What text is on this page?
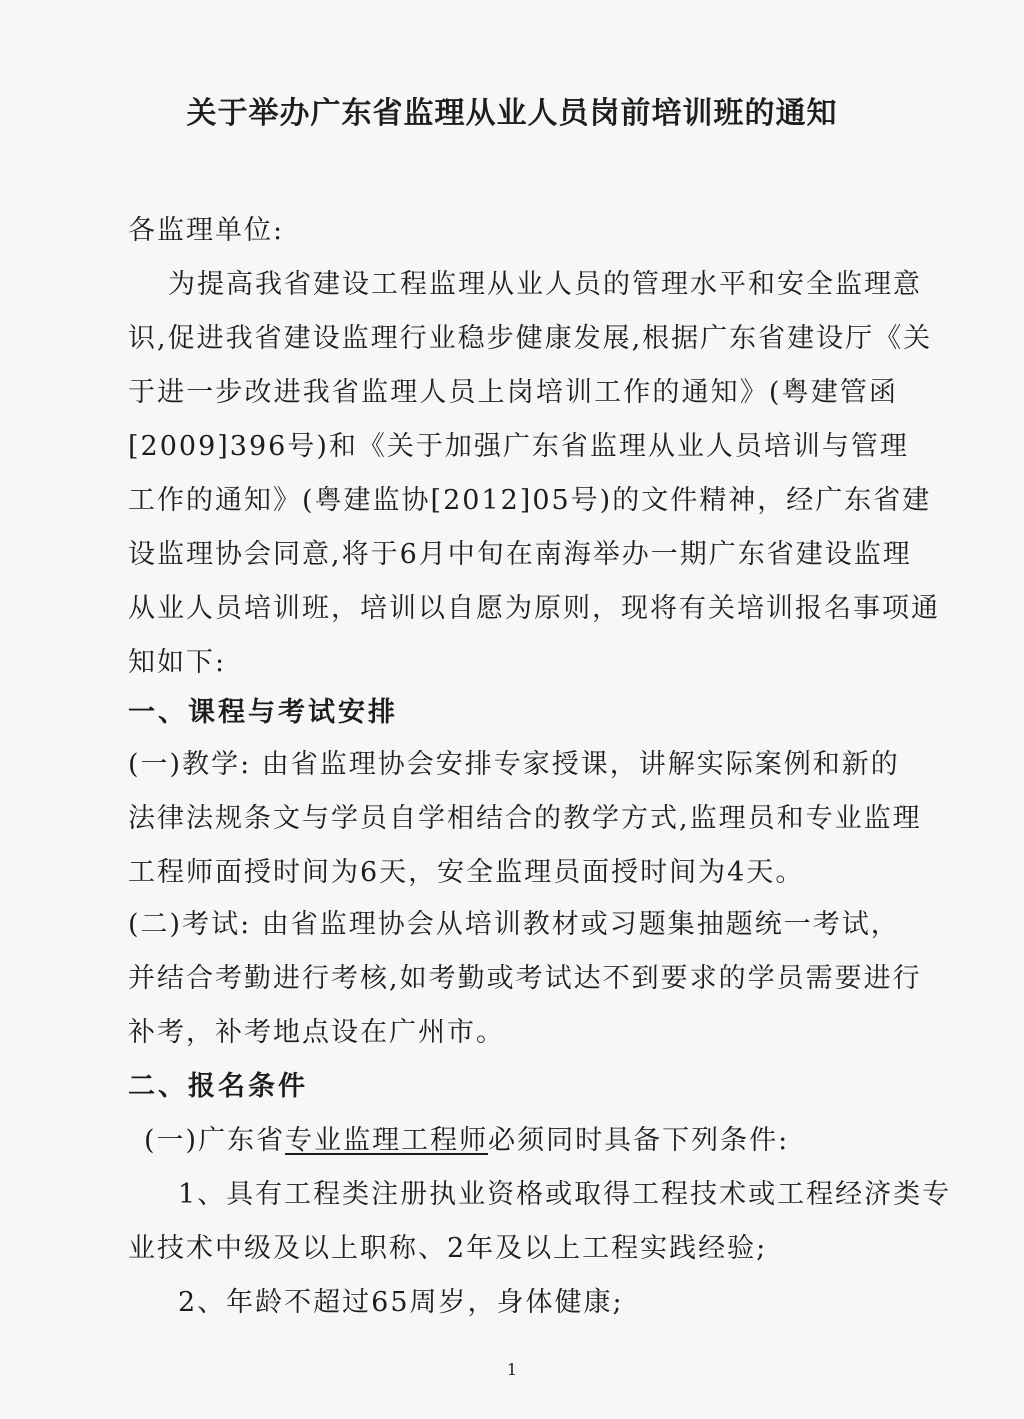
关于举办广东省监理从业人员岗前培训班的通知
各监理单位:
为提高我省建设工程监理从业人员的管理水平和安全监理意
识,促进我省建设监理行业稳步健康发展,根据广东省建设厅《关
于进一步改进我省监理人员上岗培训工作的通知》(粤建管函
[2009]396号)和《关于加强广东省监理从业人员培训与管理
工作的通知》(粤建监协[2012]05号)的文件精神，经广东省建
设监理协会同意,将于6月中旬在南海举办一期广东省建设监理
从业人员培训班，培训以自愿为原则，现将有关培训报名事项通
知如下:
一、课程与考试安排
(一)教学: 由省监理协会安排专家授课，讲解实际案例和新的
法律法规条文与学员自学相结合的教学方式,监理员和专业监理
工程师面授时间为6天，安全监理员面授时间为4天。
(二)考试: 由省监理协会从培训教材或习题集抽题统一考试，
并结合考勤进行考核,如考勤或考试达不到要求的学员需要进行
补考，补考地点设在广州市。
二、报名条件
(一)广东省专业监理工程师必须同时具备下列条件:
1、具有工程类注册执业资格或取得工程技术或工程经济类专
业技术中级及以上职称、2年及以上工程实践经验;
2、年龄不超过65周岁，身体健康;
1
